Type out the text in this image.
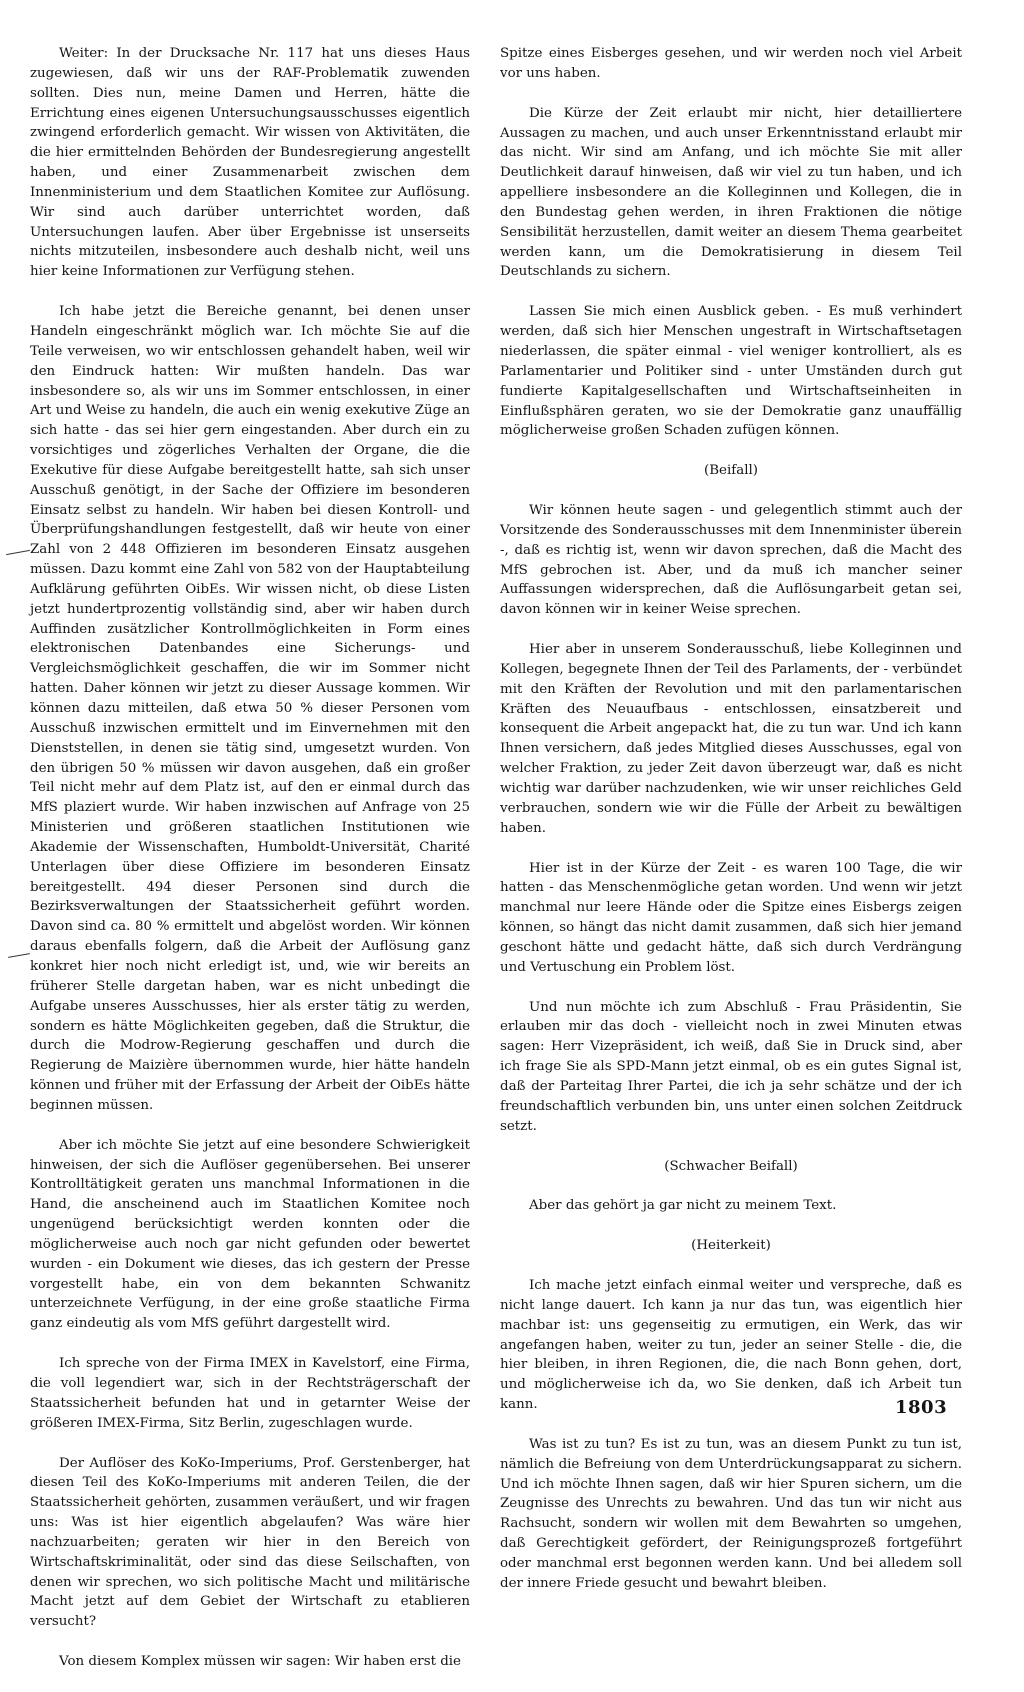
Weiter: In der Drucksache Nr. 117 hat uns dieses Haus zugewiesen, daß wir uns der RAF-Problematik zuwenden sollten. Dies nun, meine Damen und Herren, hätte die Errichtung eines eigenen Untersuchungsausschusses eigentlich zwingend erforderlich gemacht. Wir wissen von Aktivitäten, die die hier ermittelnden Behörden der Bundesregierung angestellt haben, und einer Zusammenarbeit zwischen dem Innenministerium und dem Staatlichen Komitee zur Auflösung. Wir sind auch darüber unterrichtet worden, daß Untersuchungen laufen. Aber über Ergebnisse ist unserseits nichts mitzuteilen, insbesondere auch deshalb nicht, weil uns hier keine Informationen zur Verfügung stehen.

Ich habe jetzt die Bereiche genannt, bei denen unser Handeln eingeschränkt möglich war. Ich möchte Sie auf die Teile verweisen, wo wir entschlossen gehandelt haben, weil wir den Eindruck hatten: Wir mußten handeln. Das war insbesondere so, als wir uns im Sommer entschlossen, in einer Art und Weise zu handeln, die auch ein wenig exekutive Züge an sich hatte - das sei hier gern eingestanden. Aber durch ein zu vorsichtiges und zögerliches Verhalten der Organe, die die Exekutive für diese Aufgabe bereitgestellt hatte, sah sich unser Ausschuß genötigt, in der Sache der Offiziere im besonderen Einsatz selbst zu handeln. Wir haben bei diesen Kontroll- und Überprüfungshandlungen festgestellt, daß wir heute von einer Zahl von 2 448 Offizieren im besonderen Einsatz ausgehen müssen. Dazu kommt eine Zahl von 582 von der Hauptabteilung Aufklärung geführten OibEs. Wir wissen nicht, ob diese Listen jetzt hundertprozentig vollständig sind, aber wir haben durch Auffinden zusätzlicher Kontrollmöglichkeiten in Form eines elektronischen Datenbandes eine Sicherungs- und Vergleichsmöglichkeit geschaffen, die wir im Sommer nicht hatten. Daher können wir jetzt zu dieser Aussage kommen. Wir können dazu mitteilen, daß etwa 50 % dieser Personen vom Ausschuß inzwischen ermittelt und im Einvernehmen mit den Dienststellen, in denen sie tätig sind, umgesetzt wurden. Von den übrigen 50 % müssen wir davon ausgehen, daß ein großer Teil nicht mehr auf dem Platz ist, auf den er einmal durch das MfS plaziert wurde. Wir haben inzwischen auf Anfrage von 25 Ministerien und größeren staatlichen Institutionen wie Akademie der Wissenschaften, Humboldt-Universität, Charité Unterlagen über diese Offiziere im besonderen Einsatz bereitgestellt. 494 dieser Personen sind durch die Bezirksverwaltungen der Staatssicherheit geführt worden. Davon sind ca. 80 % ermittelt und abgelöst worden. Wir können daraus ebenfalls folgern, daß die Arbeit der Auflösung ganz konkret hier noch nicht erledigt ist, und, wie wir bereits an früherer Stelle dargetan haben, war es nicht unbedingt die Aufgabe unseres Ausschusses, hier als erster tätig zu werden, sondern es hätte Möglichkeiten gegeben, daß die Struktur, die durch die Modrow-Regierung geschaffen und durch die Regierung de Maizière übernommen wurde, hier hätte handeln können und früher mit der Erfassung der Arbeit der OibEs hätte beginnen müssen.

Aber ich möchte Sie jetzt auf eine besondere Schwierigkeit hinweisen, der sich die Auflöser gegenübersehen. Bei unserer Kontrolltätigkeit geraten uns manchmal Informationen in die Hand, die anscheinend auch im Staatlichen Komitee noch ungenügend berücksichtigt werden konnten oder die möglicherweise auch noch gar nicht gefunden oder bewertet wurden - ein Dokument wie dieses, das ich gestern der Presse vorgestellt habe, ein von dem bekannten Schwanitz unterzeichnete Verfügung, in der eine große staatliche Firma ganz eindeutig als vom MfS geführt dargestellt wird.

Ich spreche von der Firma IMEX in Kavelstorf, eine Firma, die voll legendiert war, sich in der Rechtsträgerschaft der Staatssicherheit befunden hat und in getarnter Weise der größeren IMEX-Firma, Sitz Berlin, zugeschlagen wurde.

Der Auflöser des KoKo-Imperiums, Prof. Gerstenberger, hat diesen Teil des KoKo-Imperiums mit anderen Teilen, die der Staatssicherheit gehörten, zusammen veräußert, und wir fragen uns: Was ist hier eigentlich abgelaufen? Was wäre hier nachzuarbeiten; geraten wir hier in den Bereich von Wirtschaftskriminalität, oder sind das diese Seilschaften, von denen wir sprechen, wo sich politische Macht und militärische Macht jetzt auf dem Gebiet der Wirtschaft zu etablieren versucht?

Von diesem Komplex müssen wir sagen: Wir haben erst die

Spitze eines Eisberges gesehen, und wir werden noch viel Arbeit vor uns haben.

Die Kürze der Zeit erlaubt mir nicht, hier detailliertere Aussagen zu machen, und auch unser Erkenntnisstand erlaubt mir das nicht. Wir sind am Anfang, und ich möchte Sie mit aller Deutlichkeit darauf hinweisen, daß wir viel zu tun haben, und ich appelliere insbesondere an die Kolleginnen und Kollegen, die in den Bundestag gehen werden, in ihren Fraktionen die nötige Sensibilität herzustellen, damit weiter an diesem Thema gearbeitet werden kann, um die Demokratisierung in diesem Teil Deutschlands zu sichern.

Lassen Sie mich einen Ausblick geben. - Es muß verhindert werden, daß sich hier Menschen ungestraft in Wirtschaftsetagen niederlassen, die später einmal - viel weniger kontrolliert, als es Parlamentarier und Politiker sind - unter Umständen durch gut fundierte Kapitalgesellschaften und Wirtschaftseinheiten in Einflußsphären geraten, wo sie der Demokratie ganz unauffällig möglicherweise großen Schaden zufügen können.

(Beifall)

Wir können heute sagen - und gelegentlich stimmt auch der Vorsitzende des Sonderausschusses mit dem Innenminister überein -, daß es richtig ist, wenn wir davon sprechen, daß die Macht des MfS gebrochen ist. Aber, und da muß ich mancher seiner Auffassungen widersprechen, daß die Auflösungarbeit getan sei, davon können wir in keiner Weise sprechen.

Hier aber in unserem Sonderausschuß, liebe Kolleginnen und Kollegen, begegnete Ihnen der Teil des Parlaments, der - verbündet mit den Kräften der Revolution und mit den parlamentarischen Kräften des Neuaufbaus - entschlossen, einsatzbereit und konsequent die Arbeit angepackt hat, die zu tun war. Und ich kann Ihnen versichern, daß jedes Mitglied dieses Ausschusses, egal von welcher Fraktion, zu jeder Zeit davon überzeugt war, daß es nicht wichtig war darüber nachzudenken, wie wir unser reichliches Geld verbrauchen, sondern wie wir die Fülle der Arbeit zu bewältigen haben.

Hier ist in der Kürze der Zeit - es waren 100 Tage, die wir hatten - das Menschenmögliche getan worden. Und wenn wir jetzt manchmal nur leere Hände oder die Spitze eines Eisbergs zeigen können, so hängt das nicht damit zusammen, daß sich hier jemand geschont hätte und gedacht hätte, daß sich durch Verdrängung und Vertuschung ein Problem löst.

Und nun möchte ich zum Abschluß - Frau Präsidentin, Sie erlauben mir das doch - vielleicht noch in zwei Minuten etwas sagen: Herr Vizepräsident, ich weiß, daß Sie in Druck sind, aber ich frage Sie als SPD-Mann jetzt einmal, ob es ein gutes Signal ist, daß der Parteitag Ihrer Partei, die ich ja sehr schätze und der ich freundschaftlich verbunden bin, uns unter einen solchen Zeitdruck setzt.

(Schwacher Beifall)

Aber das gehört ja gar nicht zu meinem Text.

(Heiterkeit)

Ich mache jetzt einfach einmal weiter und verspreche, daß es nicht lange dauert. Ich kann ja nur das tun, was eigentlich hier machbar ist: uns gegenseitig zu ermutigen, ein Werk, das wir angefangen haben, weiter zu tun, jeder an seiner Stelle - die, die hier bleiben, in ihren Regionen, die, die nach Bonn gehen, dort, und möglicherweise ich da, wo Sie denken, daß ich Arbeit tun kann.

Was ist zu tun? Es ist zu tun, was an diesem Punkt zu tun ist, nämlich die Befreiung von dem Unterdrückungsapparat zu sichern. Und ich möchte Ihnen sagen, daß wir hier Spuren sichern, um die Zeugnisse des Unrechts zu bewahren. Und das tun wir nicht aus Rachsucht, sondern wir wollen mit dem Bewahrten so umgehen, daß Gerechtigkeit gefördert, der Reinigungsprozeß fortgeführt oder manchmal erst begonnen werden kann. Und bei alledem soll der innere Friede gesucht und bewahrt bleiben.

1803
